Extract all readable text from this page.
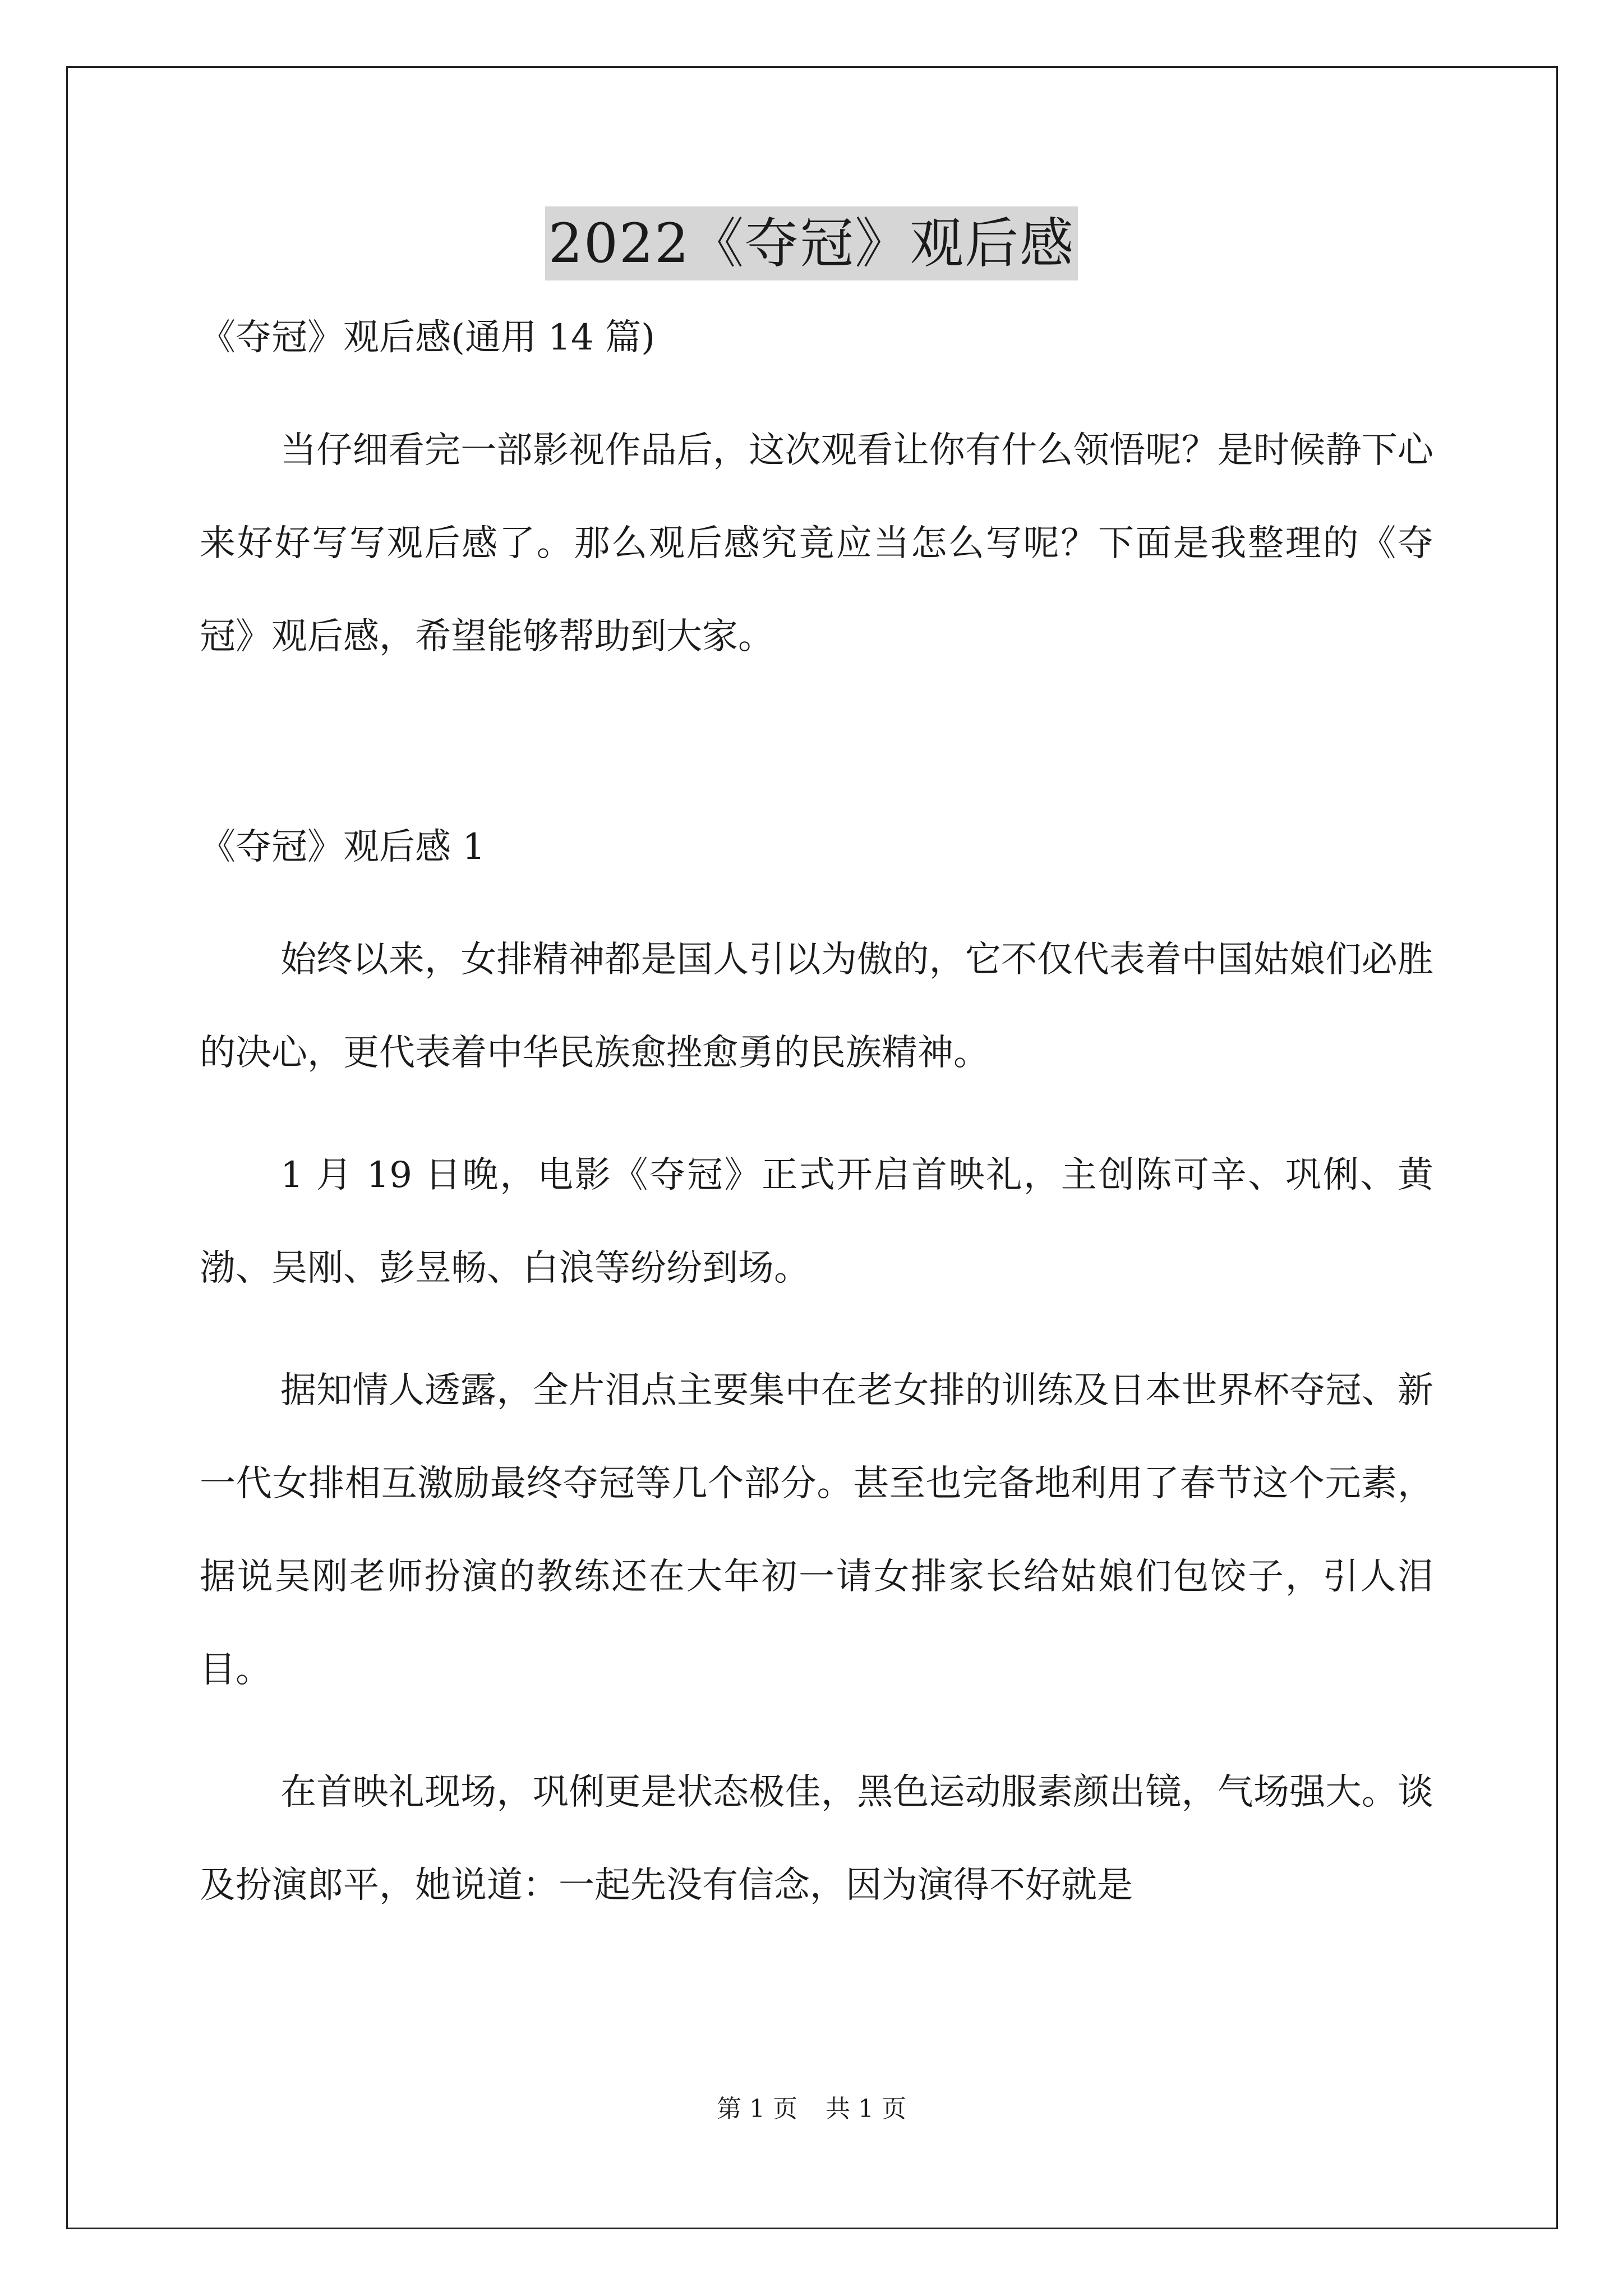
2022《夺冠》观后感
《夺冠》观后感(通用 14 篇)

当仔细看完一部影视作品后，这次观看让你有什么领悟呢？是时候静下心来好好写写观后感了。那么观后感究竟应当怎么写呢？下面是我整理的《夺冠》观后感，希望能够帮助到大家。

《夺冠》观后感 1

始终以来，女排精神都是国人引以为傲的，它不仅代表着中国姑娘们必胜的决心，更代表着中华民族愈挫愈勇的民族精神。

1 月 19 日晚，电影《夺冠》正式开启首映礼，主创陈可辛、巩俐、黄渤、吴刚、彭昱畅、白浪等纷纷到场。

据知情人透露，全片泪点主要集中在老女排的训练及日本世界杯夺冠、新一代女排相互激励最终夺冠等几个部分。甚至也完备地利用了春节这个元素，据说吴刚老师扮演的教练还在大年初一请女排家长给姑娘们包饺子，引人泪目。

在首映礼现场，巩俐更是状态极佳，黑色运动服素颜出镜，气场强大。谈及扮演郎平，她说道：一起先没有信念，因为演得不好就是

第 1 页 共 1 页
